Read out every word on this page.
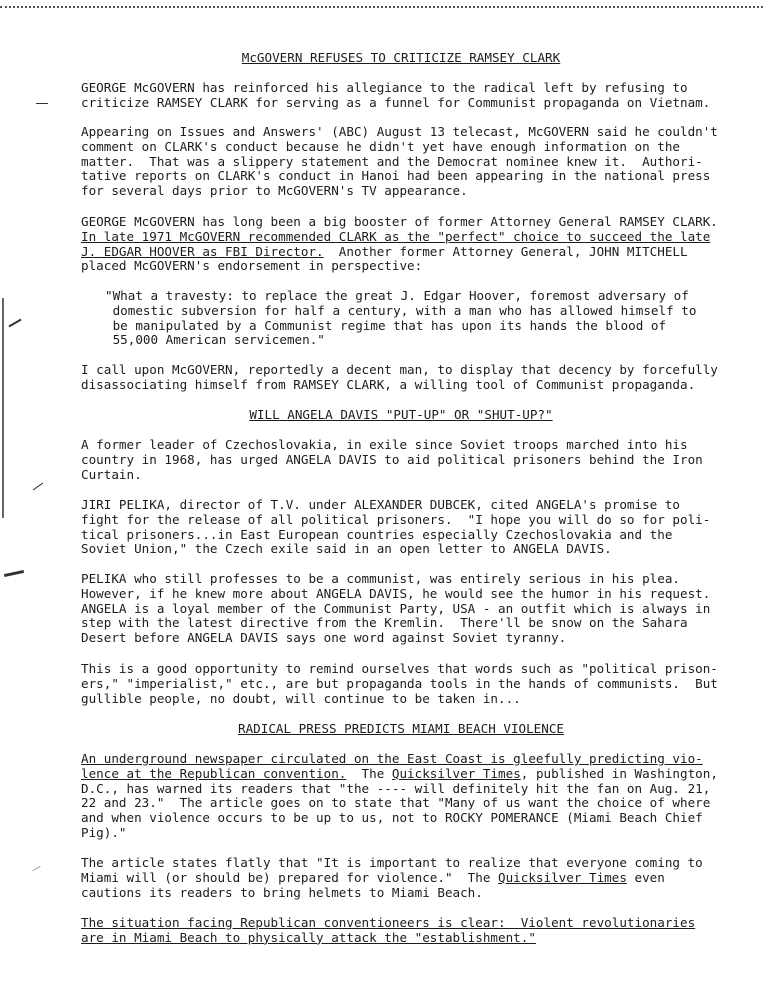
McGOVERN REFUSES TO CRITICIZE RAMSEY CLARK
GEORGE McGOVERN has reinforced his allegiance to the radical left by refusing to
criticize RAMSEY CLARK for serving as a funnel for Communist propaganda on Vietnam.
Appearing on Issues and Answers' (ABC) August 13 telecast, McGOVERN said he couldn't
comment on CLARK's conduct because he didn't yet have enough information on the
matter.  That was a slippery statement and the Democrat nominee knew it.  Authori-
tative reports on CLARK's conduct in Hanoi had been appearing in the national press
for several days prior to McGOVERN's TV appearance.
GEORGE McGOVERN has long been a big booster of former Attorney General RAMSEY CLARK.
In late 1971 McGOVERN recommended CLARK as the "perfect" choice to succeed the late
J. EDGAR HOOVER as FBI Director.  Another former Attorney General, JOHN MITCHELL
placed McGOVERN's endorsement in perspective:
"What a travesty: to replace the great J. Edgar Hoover, foremost adversary of
domestic subversion for half a century, with a man who has allowed himself to
be manipulated by a Communist regime that has upon its hands the blood of
55,000 American servicemen."
I call upon McGOVERN, reportedly a decent man, to display that decency by forcefully
disassociating himself from RAMSEY CLARK, a willing tool of Communist propaganda.
WILL ANGELA DAVIS "PUT-UP" OR "SHUT-UP?"
A former leader of Czechoslovakia, in exile since Soviet troops marched into his
country in 1968, has urged ANGELA DAVIS to aid political prisoners behind the Iron
Curtain.
JIRI PELIKA, director of T.V. under ALEXANDER DUBCEK, cited ANGELA's promise to
fight for the release of all political prisoners.  "I hope you will do so for poli-
tical prisoners...in East European countries especially Czechoslovakia and the
Soviet Union," the Czech exile said in an open letter to ANGELA DAVIS.
PELIKA who still professes to be a communist, was entirely serious in his plea.
However, if he knew more about ANGELA DAVIS, he would see the humor in his request.
ANGELA is a loyal member of the Communist Party, USA - an outfit which is always in
step with the latest directive from the Kremlin.  There'll be snow on the Sahara
Desert before ANGELA DAVIS says one word against Soviet tyranny.
This is a good opportunity to remind ourselves that words such as "political prison-
ers," "imperialist," etc., are but propaganda tools in the hands of communists.  But
gullible people, no doubt, will continue to be taken in...
RADICAL PRESS PREDICTS MIAMI BEACH VIOLENCE
An underground newspaper circulated on the East Coast is gleefully predicting vio-
lence at the Republican convention.  The Quicksilver Times, published in Washington,
D.C., has warned its readers that "the ---- will definitely hit the fan on Aug. 21,
22 and 23."  The article goes on to state that "Many of us want the choice of where
and when violence occurs to be up to us, not to ROCKY POMERANCE (Miami Beach Chief
Pig)."
The article states flatly that "It is important to realize that everyone coming to
Miami will (or should be) prepared for violence."  The Quicksilver Times even
cautions its readers to bring helmets to Miami Beach.
The situation facing Republican conventioneers is clear:  Violent revolutionaries
are in Miami Beach to physically attack the "establishment."
